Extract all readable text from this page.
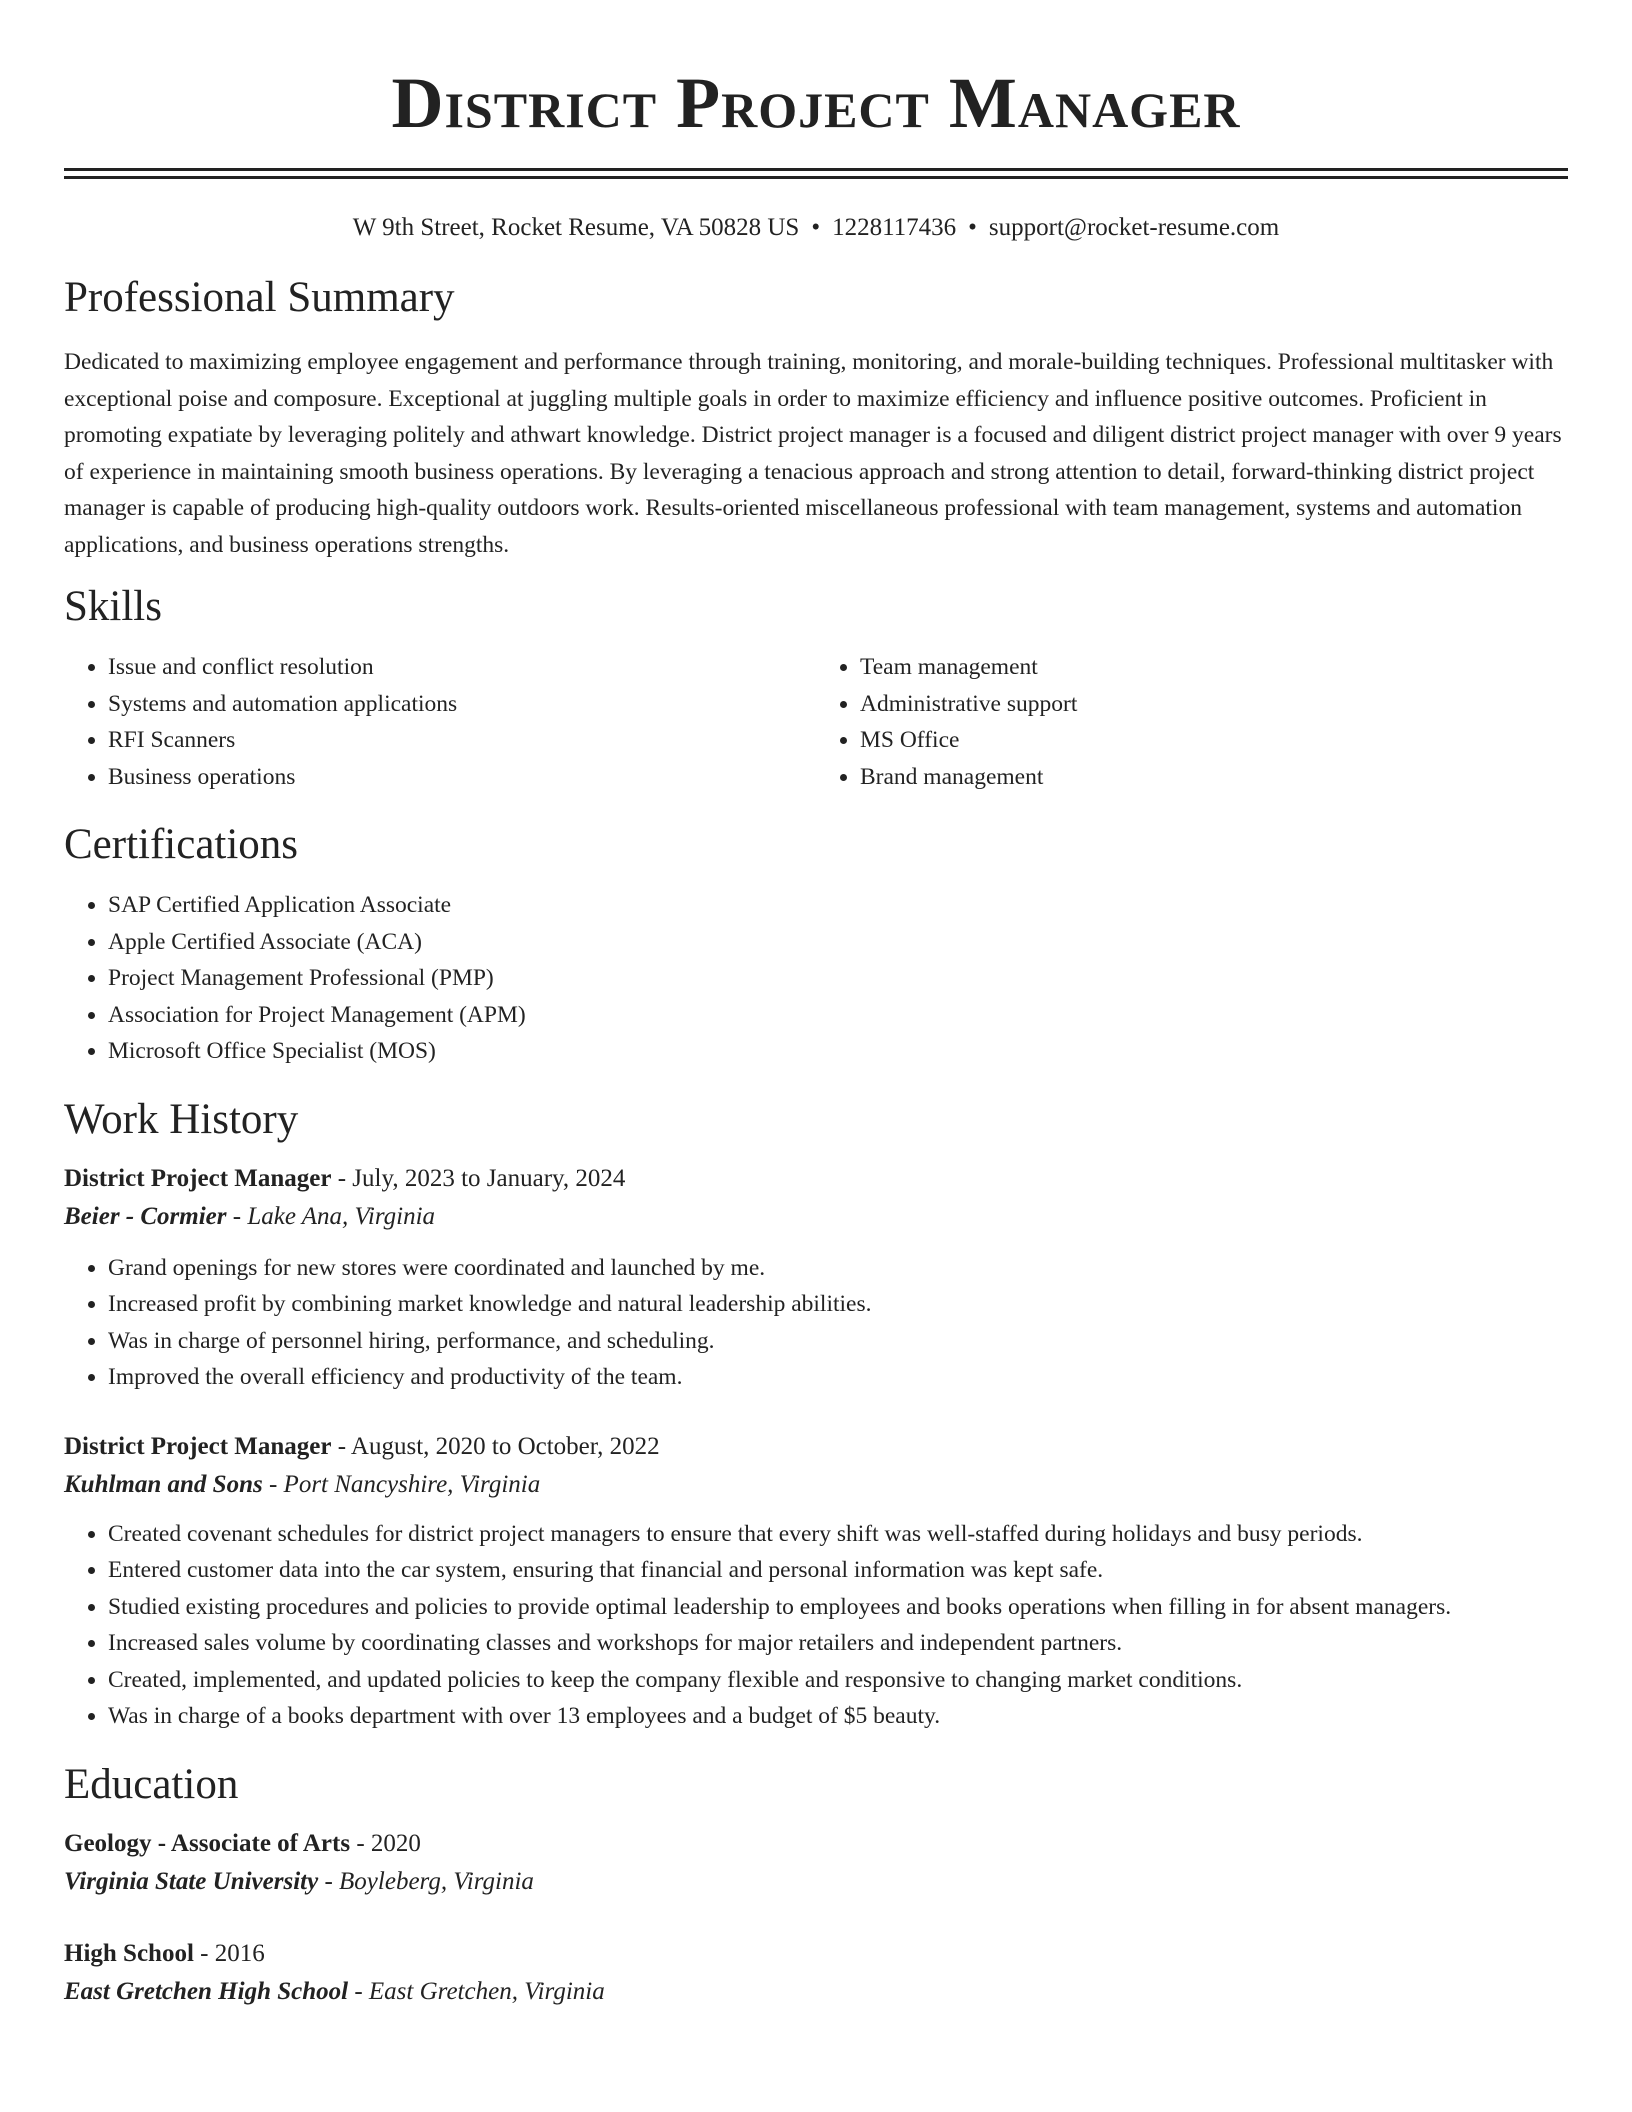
District Project Manager
W 9th Street, Rocket Resume, VA 50828 US • 1228117436 • support@rocket-resume.com
Professional Summary

Dedicated to maximizing employee engagement and performance through training, monitoring, and morale-building techniques. Professional multitasker with exceptional poise and composure. Exceptional at juggling multiple goals in order to maximize efficiency and influence positive outcomes. Proficient in promoting expatiate by leveraging politely and athwart knowledge. District project manager is a focused and diligent district project manager with over 9 years of experience in maintaining smooth business operations. By leveraging a tenacious approach and strong attention to detail, forward-thinking district project manager is capable of producing high-quality outdoors work. Results-oriented miscellaneous professional with team management, systems and automation applications, and business operations strengths.

Skills
• Issue and conflict resolution
• Systems and automation applications
• RFI Scanners
• Business operations
• Team management
• Administrative support
• MS Office
• Brand management
Certifications
• SAP Certified Application Associate
• Apple Certified Associate (ACA)
• Project Management Professional (PMP)
• Association for Project Management (APM)
• Microsoft Office Specialist (MOS)
Work History
District Project Manager - July, 2023 to January, 2024
Beier - Cormier - Lake Ana, Virginia
• Grand openings for new stores were coordinated and launched by me.
• Increased profit by combining market knowledge and natural leadership abilities.
• Was in charge of personnel hiring, performance, and scheduling.
• Improved the overall efficiency and productivity of the team.
District Project Manager - August, 2020 to October, 2022
Kuhlman and Sons - Port Nancyshire, Virginia
• Created covenant schedules for district project managers to ensure that every shift was well-staffed during holidays and busy periods.
• Entered customer data into the car system, ensuring that financial and personal information was kept safe.
• Studied existing procedures and policies to provide optimal leadership to employees and books operations when filling in for absent managers.
• Increased sales volume by coordinating classes and workshops for major retailers and independent partners.
• Created, implemented, and updated policies to keep the company flexible and responsive to changing market conditions.
• Was in charge of a books department with over 13 employees and a budget of $5 beauty.
Education
Geology - Associate of Arts - 2020
Virginia State University - Boyleberg, Virginia
High School - 2016
East Gretchen High School - East Gretchen, Virginia
